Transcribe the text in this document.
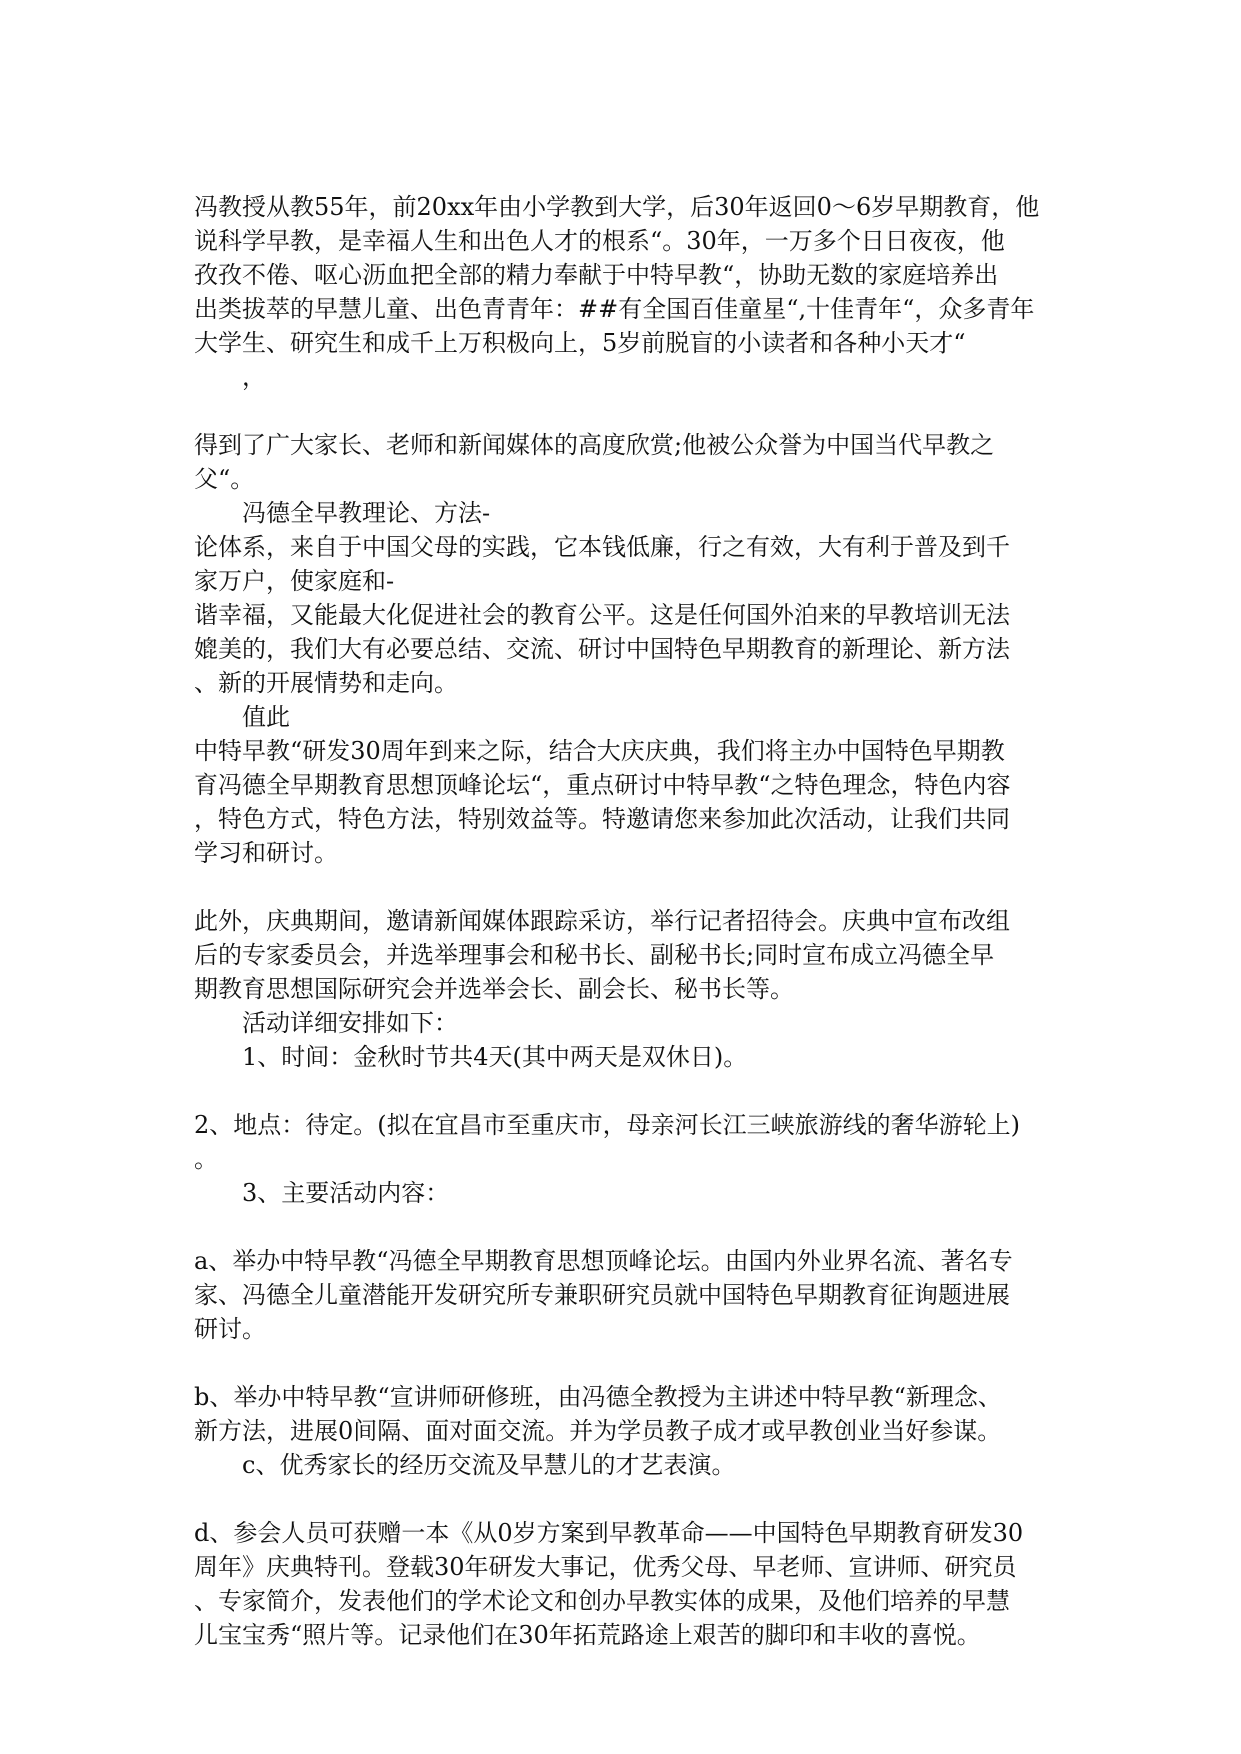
冯教授从教55年，前20xx年由小学教到大学，后30年返回0～6岁早期教育，他
说科学早教，是幸福人生和出色人才的根系“。30年，一万多个日日夜夜，他
孜孜不倦、呕心沥血把全部的精力奉献于中特早教“，协助无数的家庭培养出
出类拔萃的早慧儿童、出色青青年：##有全国百佳童星“,十佳青年“，众多青年
大学生、研究生和成千上万积极向上，5岁前脱盲的小读者和各种小天才“
，
得到了广大家长、老师和新闻媒体的高度欣赏;他被公众誉为中国当代早教之
父“。
冯德全早教理论、方法-
论体系，来自于中国父母的实践，它本钱低廉，行之有效，大有利于普及到千
家万户，使家庭和-
谐幸福，又能最大化促进社会的教育公平。这是任何国外泊来的早教培训无法
媲美的，我们大有必要总结、交流、研讨中国特色早期教育的新理论、新方法
、新的开展情势和走向。
值此
中特早教“研发30周年到来之际，结合大庆庆典，我们将主办中国特色早期教
育冯德全早期教育思想顶峰论坛“，重点研讨中特早教“之特色理念，特色内容
，特色方式，特色方法，特别效益等。特邀请您来参加此次活动，让我们共同
学习和研讨。
此外，庆典期间，邀请新闻媒体跟踪采访，举行记者招待会。庆典中宣布改组
后的专家委员会，并选举理事会和秘书长、副秘书长;同时宣布成立冯德全早
期教育思想国际研究会并选举会长、副会长、秘书长等。
活动详细安排如下：
1、时间：金秋时节共4天(其中两天是双休日)。
2、地点：待定。(拟在宜昌市至重庆市，母亲河长江三峡旅游线的奢华游轮上)
。
3、主要活动内容：
a、举办中特早教“冯德全早期教育思想顶峰论坛。由国内外业界名流、著名专
家、冯德全儿童潜能开发研究所专兼职研究员就中国特色早期教育征询题进展
研讨。
b、举办中特早教“宣讲师研修班，由冯德全教授为主讲述中特早教“新理念、
新方法，进展0间隔、面对面交流。并为学员教子成才或早教创业当好参谋。
c、优秀家长的经历交流及早慧儿的才艺表演。
d、参会人员可获赠一本《从0岁方案到早教革命——中国特色早期教育研发30
周年》庆典特刊。登载30年研发大事记，优秀父母、早老师、宣讲师、研究员
、专家简介，发表他们的学术论文和创办早教实体的成果，及他们培养的早慧
儿宝宝秀“照片等。记录他们在30年拓荒路途上艰苦的脚印和丰收的喜悦。
